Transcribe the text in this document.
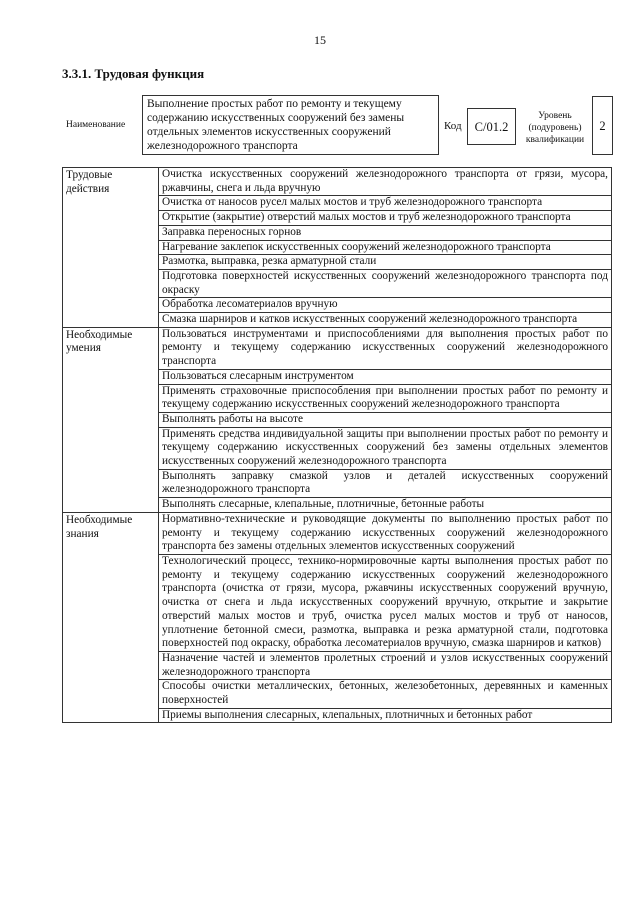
15
3.3.1. Трудовая функция
Наименование
Выполнение простых работ по ремонту и текущему содержанию искусственных сооружений без замены отдельных элементов искусственных сооружений железнодорожного транспорта
Код С/01.2
Уровень (подуровень) квалификации
2
Трудовые действия	Очистка искусственных сооружений железнодорожного транспорта от грязи, мусора, ржавчины, снега и льда вручную
	Очистка от наносов русел малых мостов и труб железнодорожного транспорта
	Открытие (закрытие) отверстий малых мостов и труб железнодорожного транспорта
	Заправка переносных горнов
	Нагревание заклепок искусственных сооружений железнодорожного транспорта
	Размотка, выправка, резка арматурной стали
	Подготовка поверхностей искусственных сооружений железнодорожного транспорта под окраску
	Обработка лесоматериалов вручную
	Смазка шарниров и катков искусственных сооружений железнодорожного транспорта
Необходимые умения	Пользоваться инструментами и приспособлениями для выполнения простых работ по ремонту и текущему содержанию искусственных сооружений железнодорожного транспорта
	Пользоваться слесарным инструментом
	Применять страховочные приспособления при выполнении простых работ по ремонту и текущему содержанию искусственных сооружений железнодорожного транспорта
	Выполнять работы на высоте
	Применять средства индивидуальной защиты при выполнении простых работ по ремонту и текущему содержанию искусственных сооружений без замены отдельных элементов искусственных сооружений железнодорожного транспорта
	Выполнять заправку смазкой узлов и деталей искусственных сооружений железнодорожного транспорта
	Выполнять слесарные, клепальные, плотничные, бетонные работы
Необходимые знания	Нормативно-технические и руководящие документы по выполнению простых работ по ремонту и текущему содержанию искусственных сооружений железнодорожного транспорта без замены отдельных элементов искусственных сооружений
	Технологический процесс, технико-нормировочные карты выполнения простых работ по ремонту и текущему содержанию искусственных сооружений железнодорожного транспорта (очистка от грязи, мусора, ржавчины искусственных сооружений вручную, очистка от снега и льда искусственных сооружений вручную, открытие и закрытие отверстий малых мостов и труб, очистка русел малых мостов и труб от наносов, уплотнение бетонной смеси, размотка, выправка и резка арматурной стали, подготовка поверхностей под окраску, обработка лесоматериалов вручную, смазка шарниров и катков)
	Назначение частей и элементов пролетных строений и узлов искусственных сооружений железнодорожного транспорта
	Способы очистки металлических, бетонных, железобетонных, деревянных и каменных поверхностей
	Приемы выполнения слесарных, клепальных, плотничных и бетонных работ
